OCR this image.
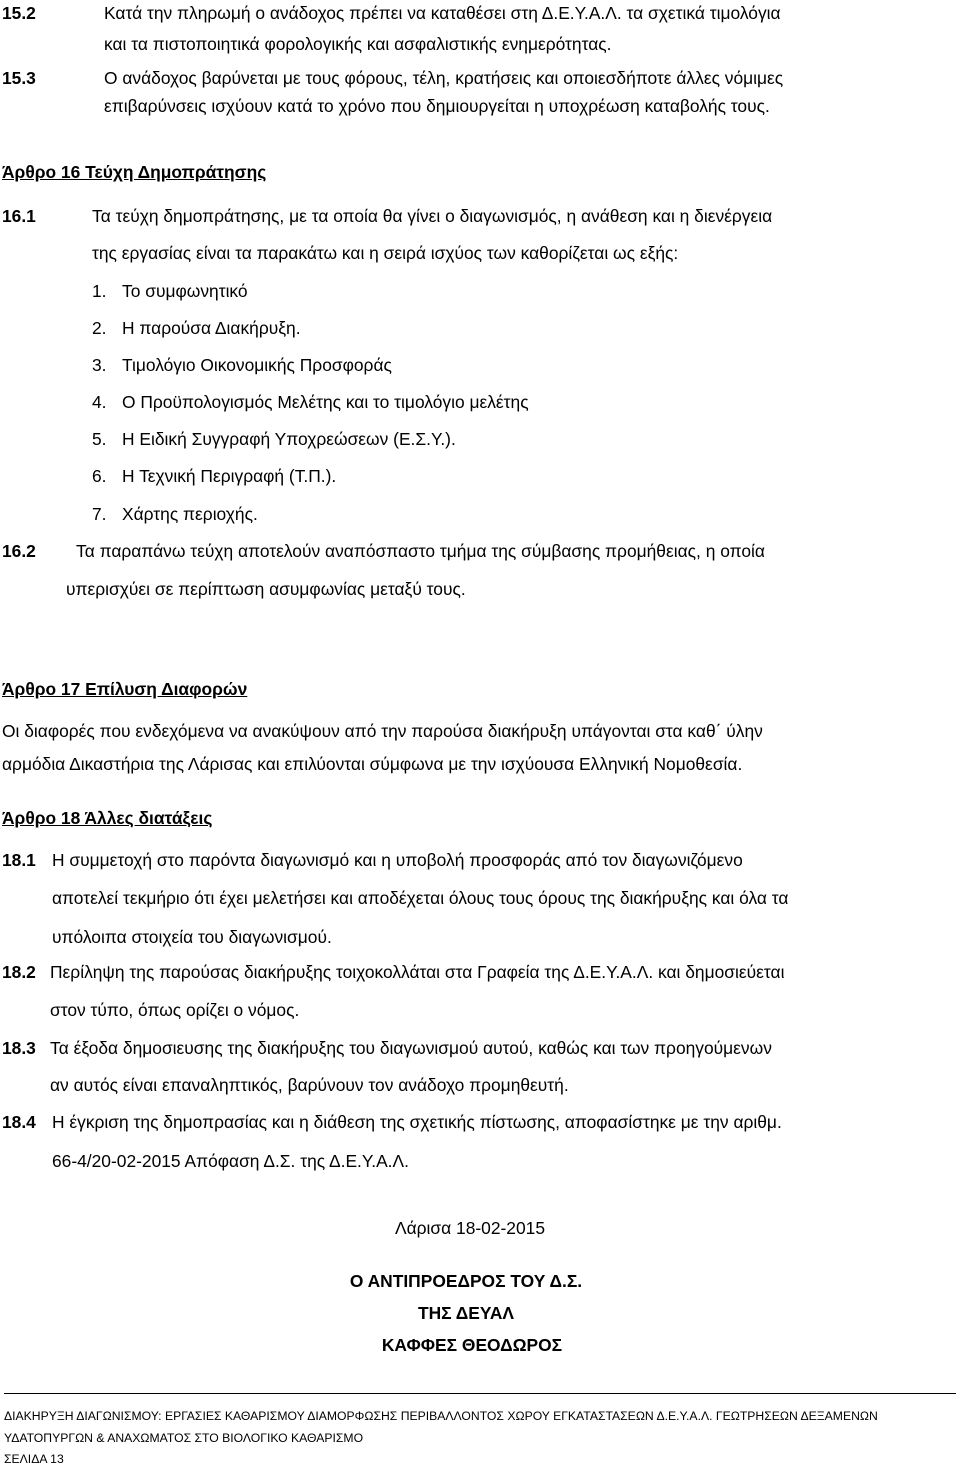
15.2	Κατά την πληρωμή ο ανάδοχος πρέπει να καταθέσει στη Δ.Ε.Υ.Α.Λ. τα σχετικά τιμολόγια
και τα πιστοποιητικά φορολογικής και ασφαλιστικής ενημερότητας.
15.3	Ο ανάδοχος βαρύνεται με τους φόρους, τέλη, κρατήσεις και οποιεσδήποτε άλλες νόμιμες
επιβαρύνσεις ισχύουν κατά το χρόνο που δημιουργείται η υποχρέωση καταβολής τους.
Άρθρο 16 Τεύχη Δημοπράτησης
16.1	Τα τεύχη δημοπράτησης, με τα οποία θα γίνει ο διαγωνισμός, η ανάθεση και η διενέργεια
της εργασίας είναι τα παρακάτω και η σειρά ισχύος των καθορίζεται ως εξής:
1. Το συμφωνητικό
2. Η παρούσα Διακήρυξη.
3. Τιμολόγιο Οικονομικής Προσφοράς
4. Ο Προϋπολογισμός Μελέτης και το τιμολόγιο μελέτης
5. Η Ειδική Συγγραφή Υποχρεώσεων (Ε.Σ.Υ.).
6. Η Τεχνική Περιγραφή (Τ.Π.).
7. Χάρτης περιοχής.
16.2 Τα παραπάνω τεύχη αποτελούν αναπόσπαστο τμήμα της σύμβασης προμήθειας, η οποία
υπερισχύει σε περίπτωση ασυμφωνίας μεταξύ τους.
Άρθρο 17 Επίλυση Διαφορών
Οι διαφορές που ενδεχόμενα να ανακύψουν από την παρούσα διακήρυξη υπάγονται στα καθ΄ ύλην
αρμόδια Δικαστήρια της Λάρισας και επιλύονται σύμφωνα με την ισχύουσα Ελληνική Νομοθεσία.
Άρθρο 18 Άλλες διατάξεις
18.1 Η συμμετοχή στο παρόντα διαγωνισμό και η υποβολή προσφοράς από τον διαγωνιζόμενο
αποτελεί τεκμήριο ότι έχει μελετήσει και αποδέχεται όλους τους όρους της διακήρυξης και όλα τα
υπόλοιπα στοιχεία του διαγωνισμού.
18.2 Περίληψη της παρούσας διακήρυξης τοιχοκολλάται στα Γραφεία της Δ.Ε.Υ.Α.Λ. και δημοσιεύεται
στον τύπο, όπως ορίζει ο νόμος.
18.3 Τα έξοδα δημοσιευσης της διακήρυξης του διαγωνισμού αυτού, καθώς και των προηγούμενων
αν αυτός είναι επαναληπτικός, βαρύνουν τον ανάδοχο προμηθευτή.
18.4 Η έγκριση της δημοπρασίας και η διάθεση της σχετικής πίστωσης, αποφασίστηκε με την αριθμ.
66-4/20-02-2015 Απόφαση Δ.Σ. της Δ.Ε.Υ.Α.Λ.
Λάρισα 18-02-2015
Ο ΑΝΤΙΠΡΟΕΔΡΟΣ ΤΟΥ Δ.Σ.
ΤΗΣ ΔΕΥΑΛ
ΚΑΦΦΕΣ ΘΕΟΔΩΡΟΣ
ΔΙΑΚΗΡΥΞΗ ΔΙΑΓΩΝΙΣΜΟΥ: ΕΡΓΑΣΙΕΣ ΚΑΘΑΡΙΣΜΟΥ ΔΙΑΜΟΡΦΩΣΗΣ ΠΕΡΙΒΑΛΛΟΝΤΟΣ ΧΩΡΟΥ ΕΓΚΑΤΑΣΤΑΣΕΩΝ Δ.Ε.Υ.Α.Λ. ΓΕΩΤΡΗΣΕΩΝ ΔΕΞΑΜΕΝΩΝ
ΥΔΑΤΟΠΥΡΓΩΝ & ΑΝΑΧΩΜΑΤΟΣ ΣΤΟ ΒΙΟΛΟΓΙΚΟ ΚΑΘΑΡΙΣΜΟ
ΣΕΛΙΔΑ 13
